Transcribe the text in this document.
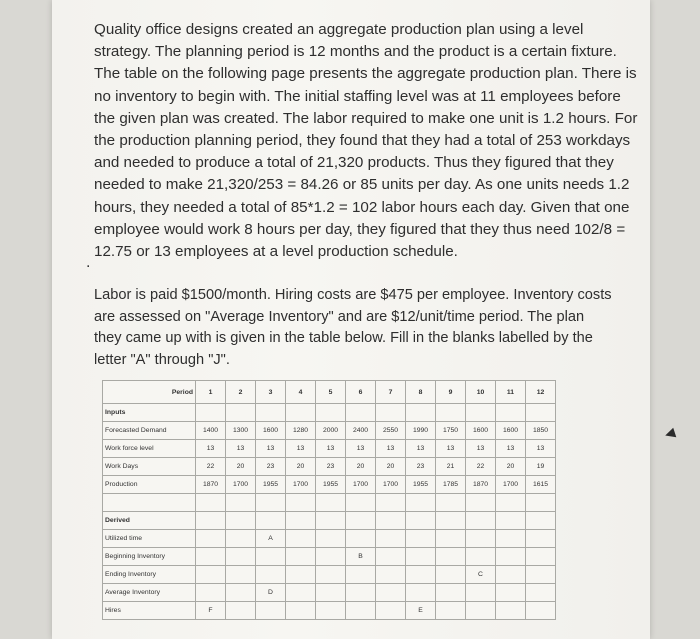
Quality office designs created an aggregate production plan using a level strategy. The planning period is 12 months and the product is a certain fixture. The table on the following page presents the aggregate production plan. There is no inventory to begin with. The initial staffing level was at 11 employees before the given plan was created. The labor required to make one unit is 1.2 hours. For the production planning period, they found that they had a total of 253 workdays and needed to produce a total of 21,320 products. Thus they figured that they needed to make 21,320/253 = 84.26 or 85 units per day. As one units needs 1.2 hours, they needed a total of 85*1.2 = 102 labor hours each day. Given that one employee would work 8 hours per day, they figured that they thus need 102/8 = 12.75 or 13 employees at a level production schedule.
.
Labor is paid $1500/month. Hiring costs are $475 per employee. Inventory costs are assessed on "Average Inventory" and are $12/unit/time period. The plan they came up with is given in the table below. Fill in the blanks labelled by the letter "A" through "J".
Period	1	2	3	4	5	6	7	8	9	10	11	12
Inputs												
Forecasted Demand	1400	1300	1600	1280	2000	2400	2550	1990	1750	1600	1600	1850
Work force level	13	13	13	13	13	13	13	13	13	13	13	13
Work Days	22	20	23	20	23	20	20	23	21	22	20	19
Production	1870	1700	1955	1700	1955	1700	1700	1955	1785	1870	1700	1615

Derived												
Utilized time			A									
Beginning Inventory						B						
Ending Inventory										C		
Average Inventory			D									
Hires	F							E				
